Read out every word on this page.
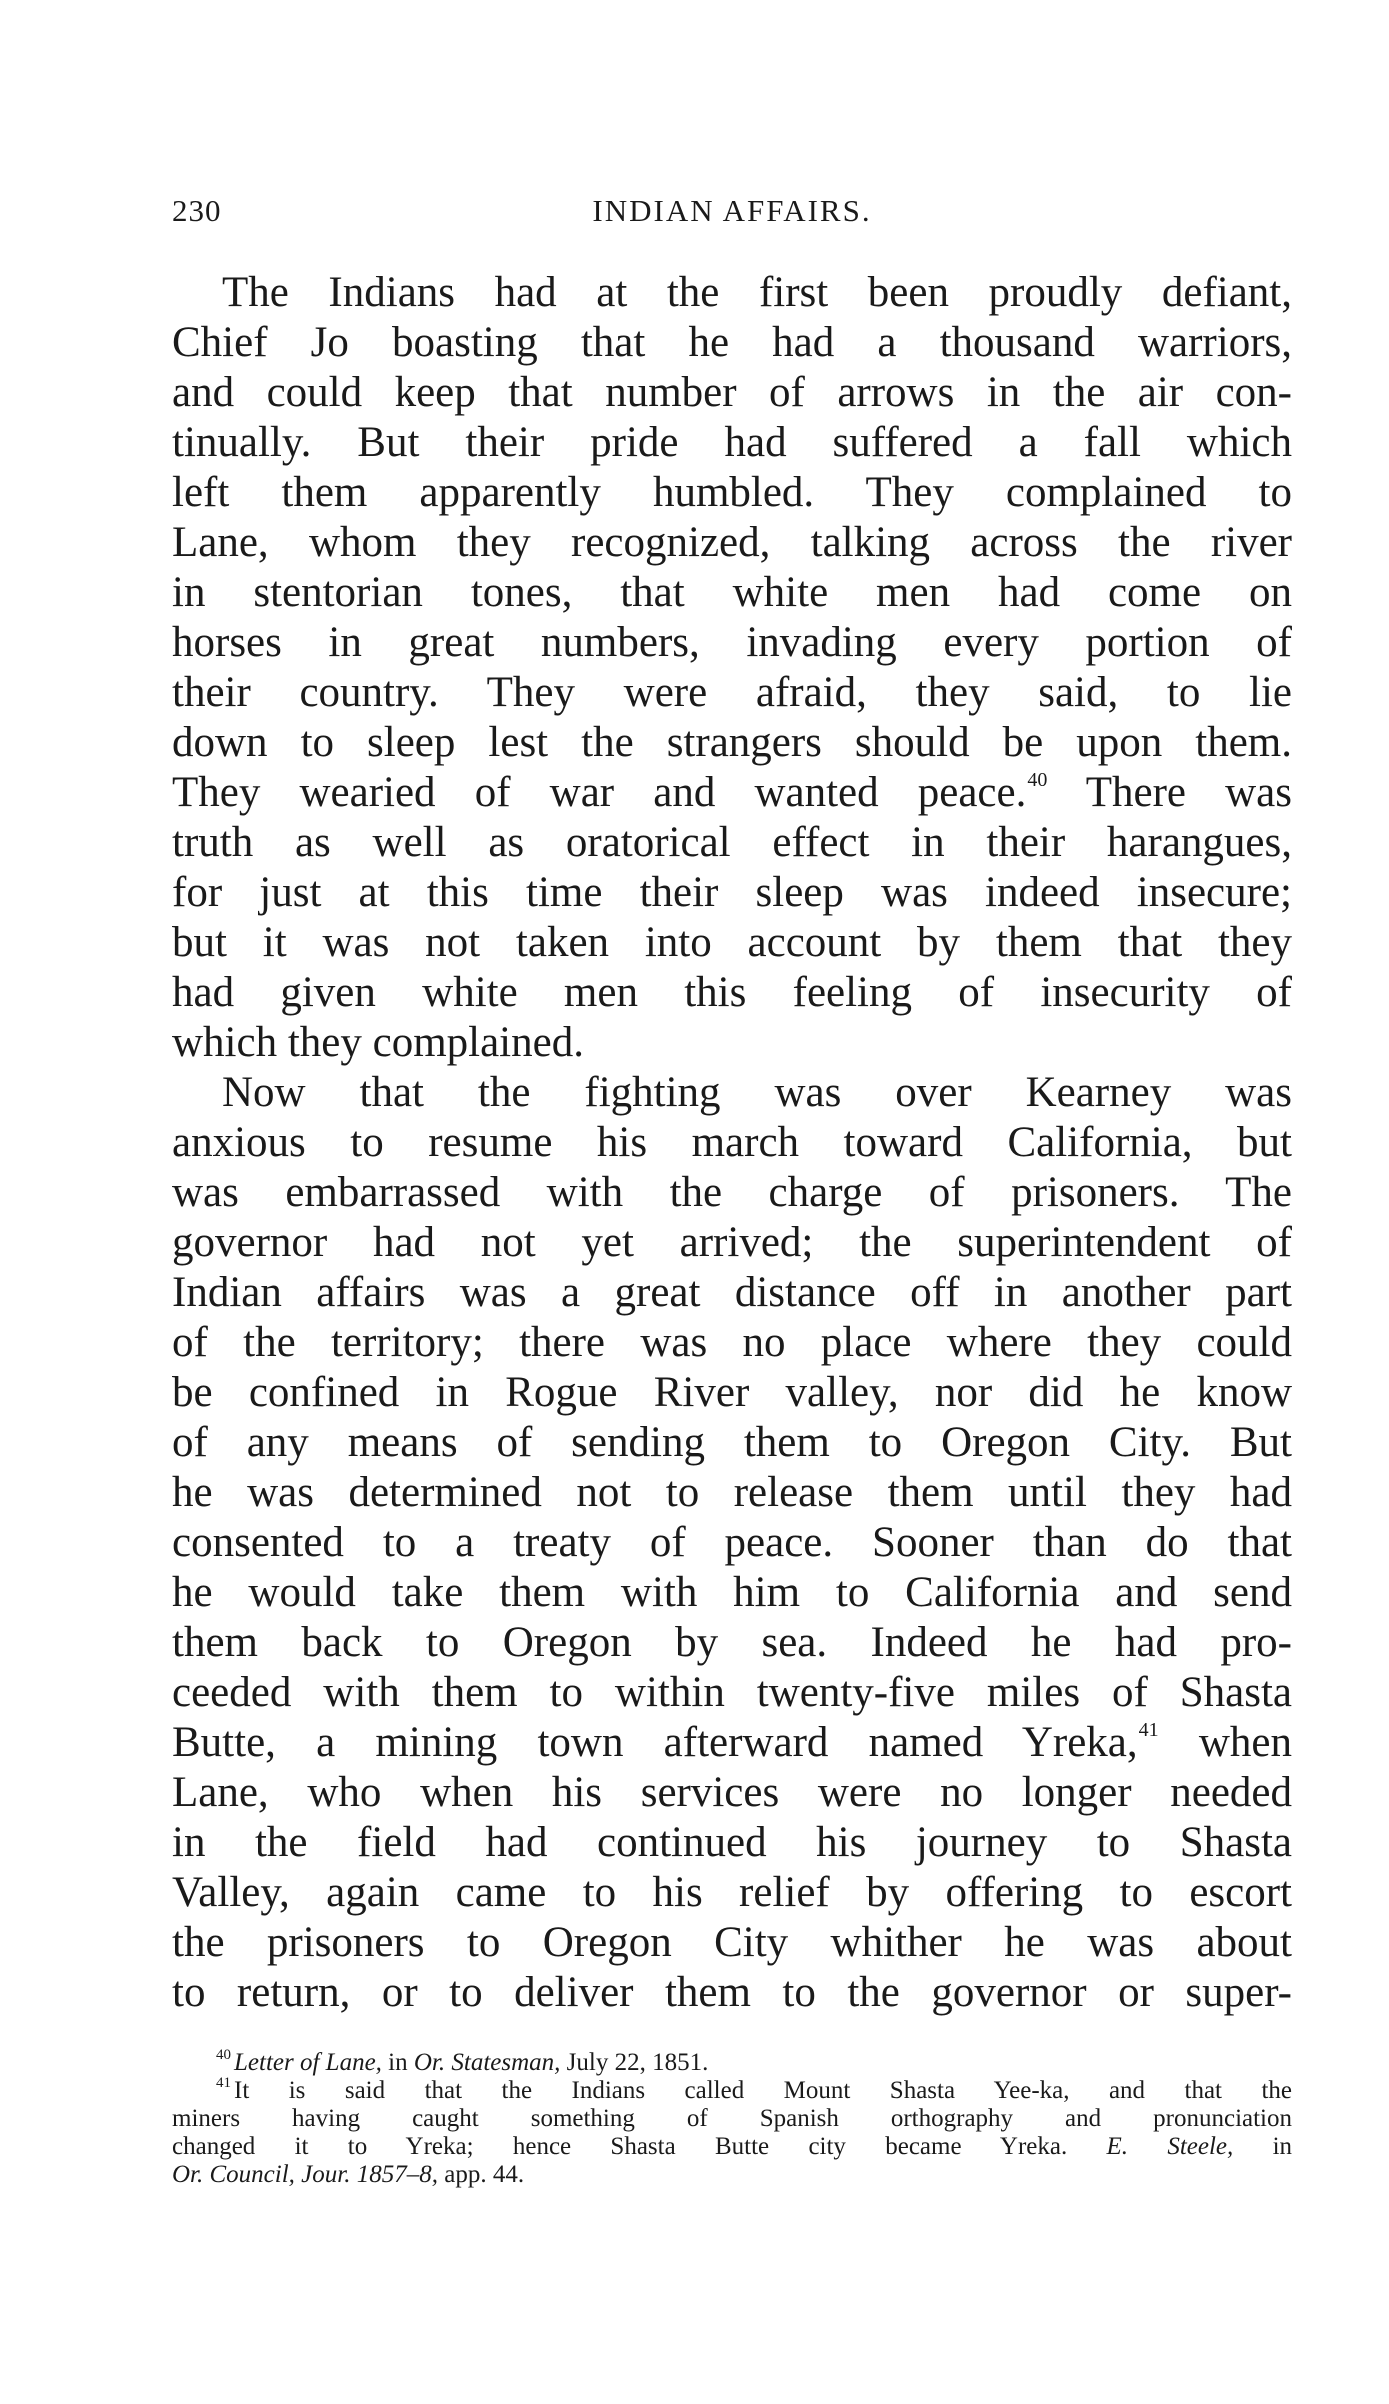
230	INDIAN AFFAIRS.
The Indians had at the first been proudly defiant,
Chief Jo boasting that he had a thousand warriors,
and could keep that number of arrows in the air con-
tinually. But their pride had suffered a fall which
left them apparently humbled. They complained to
Lane, whom they recognized, talking across the river
in stentorian tones, that white men had come on
horses in great numbers, invading every portion of
their country. They were afraid, they said, to lie
down to sleep lest the strangers should be upon them.
They wearied of war and wanted peace.$^{40}$ There was
truth as well as oratorical effect in their harangues,
for just at this time their sleep was indeed insecure;
but it was not taken into account by them that they
had given white men this feeling of insecurity of
which they complained.
Now that the fighting was over Kearney was
anxious to resume his march toward California, but
was embarrassed with the charge of prisoners. The
governor had not yet arrived; the superintendent of
Indian affairs was a great distance off in another part
of the territory; there was no place where they could
be confined in Rogue River valley, nor did he know
of any means of sending them to Oregon City. But
he was determined not to release them until they had
consented to a treaty of peace. Sooner than do that
he would take them with him to California and send
them back to Oregon by sea. Indeed he had pro-
ceeded with them to within twenty-five miles of Shasta
Butte, a mining town afterward named Yreka,$^{41}$ when
Lane, who when his services were no longer needed
in the field had continued his journey to Shasta
Valley, again came to his relief by offering to escort
the prisoners to Oregon City whither he was about
to return, or to deliver them to the governor or super-
$^{40}$ Letter of Lane, in Or. Statesman, July 22, 1851.
$^{41}$ It is said that the Indians called Mount Shasta Yee-ka, and that the
miners having caught something of Spanish orthography and pronunciation
changed it to Yreka; hence Shasta Butte city became Yreka. E. Steele, in
Or. Council, Jour. 1857–8, app. 44.
